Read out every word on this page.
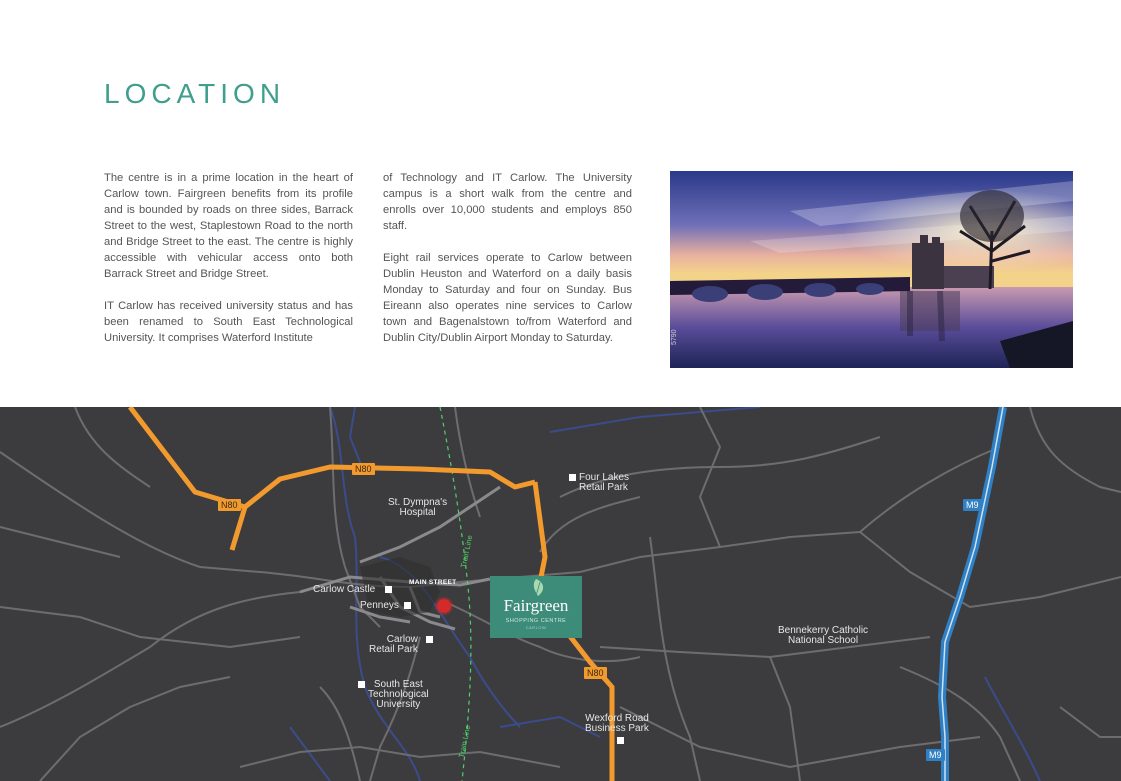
LOCATION

The centre is in a prime location in the heart of Carlow town. Fairgreen benefits from its profile and is bounded by roads on three sides, Barrack Street to the west, Staplestown Road to the north and Bridge Street to the east. The centre is highly accessible with vehicular access onto both Barrack Street and Bridge Street.

IT Carlow has received university status and has been renamed to South East Technological University. It comprises Waterford Institute

of Technology and IT Carlow. The University campus is a short walk from the centre and enrolls over 10,000 students and employs 850 staff.

Eight rail services operate to Carlow between Dublin Heuston and Waterford on a daily basis Monday to Saturday and four on Sunday. Bus Eireann also operates nine services to Carlow town and Bagenalstown to/from Waterford and Dublin City/Dublin Airport Monday to Saturday.	5790
N80
N80
N80
M9
M9
MAIN STREET
Train Line
Train Line
Four Lakes
Retail Park
St. Dympna's
Hospital
Carlow Castle
Penneys
Carlow
Retail Park
South East
Technological
University
Wexford Road
Business Park
Bennekerry Catholic
National School
Fairgreen
SHOPPING CENTRE
CARLOW
